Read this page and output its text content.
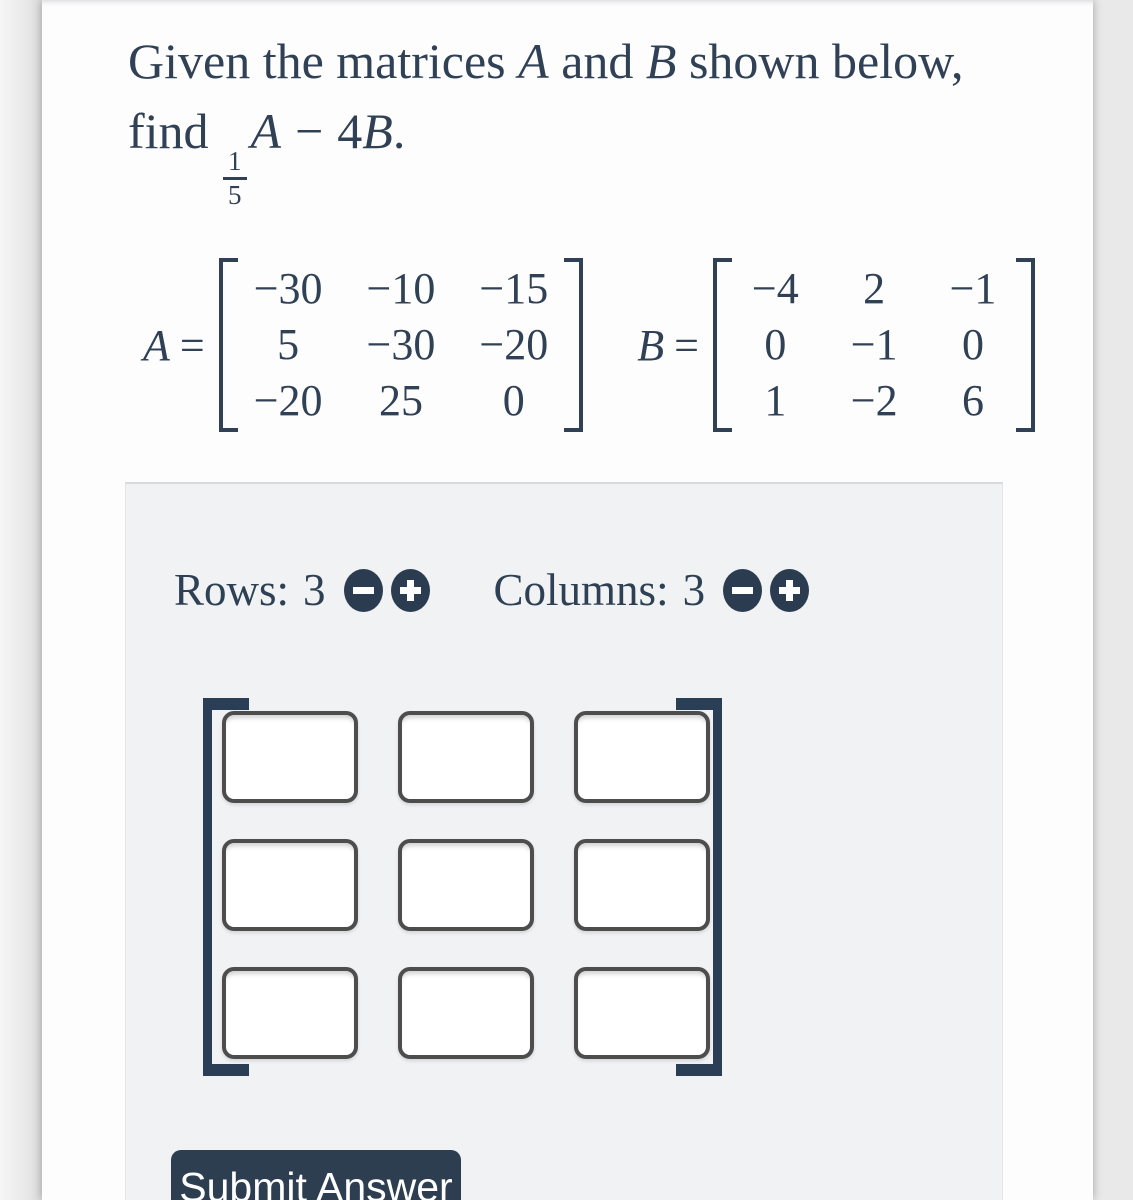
Given the matrices A and B shown below,
find
$\frac{1}{5}$
A − 4B.
A =
−30 −10 −15
5 −30 −20
−20 25 0
B =
−4 2 −1
0 −1 0
1 −2 6
Rows: 3	Columns: 3
Submit Answer
